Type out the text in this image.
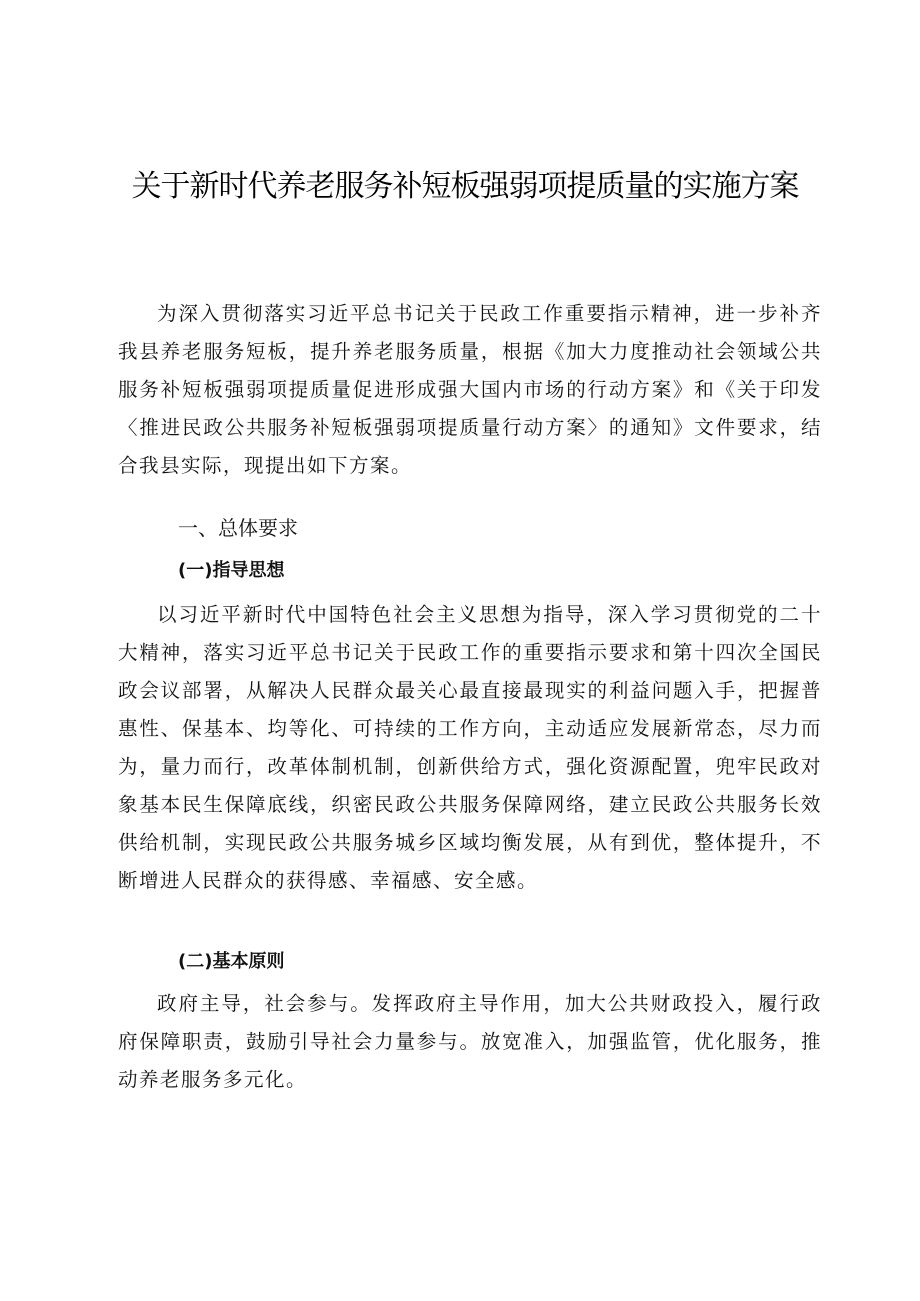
关于新时代养老服务补短板强弱项提质量的实施方案

为深入贯彻落实习近平总书记关于民政工作重要指示精神，进一步补齐我县养老服务短板，提升养老服务质量，根据《加大力度推动社会领域公共服务补短板强弱项提质量促进形成强大国内市场的行动方案》和《关于印发〈推进民政公共服务补短板强弱项提质量行动方案〉的通知》文件要求，结合我县实际，现提出如下方案。

一、总体要求
(一)指导思想

以习近平新时代中国特色社会主义思想为指导，深入学习贯彻党的二十大精神，落实习近平总书记关于民政工作的重要指示要求和第十四次全国民政会议部署，从解决人民群众最关心最直接最现实的利益问题入手，把握普惠性、保基本、均等化、可持续的工作方向，主动适应发展新常态，尽力而为，量力而行，改革体制机制，创新供给方式，强化资源配置，兜牢民政对象基本民生保障底线，织密民政公共服务保障网络，建立民政公共服务长效供给机制，实现民政公共服务城乡区域均衡发展，从有到优，整体提升，不断增进人民群众的获得感、幸福感、安全感。

(二)基本原则

政府主导，社会参与。发挥政府主导作用，加大公共财政投入，履行政府保障职责，鼓励引导社会力量参与。放宽准入，加强监管，优化服务，推动养老服务多元化。
